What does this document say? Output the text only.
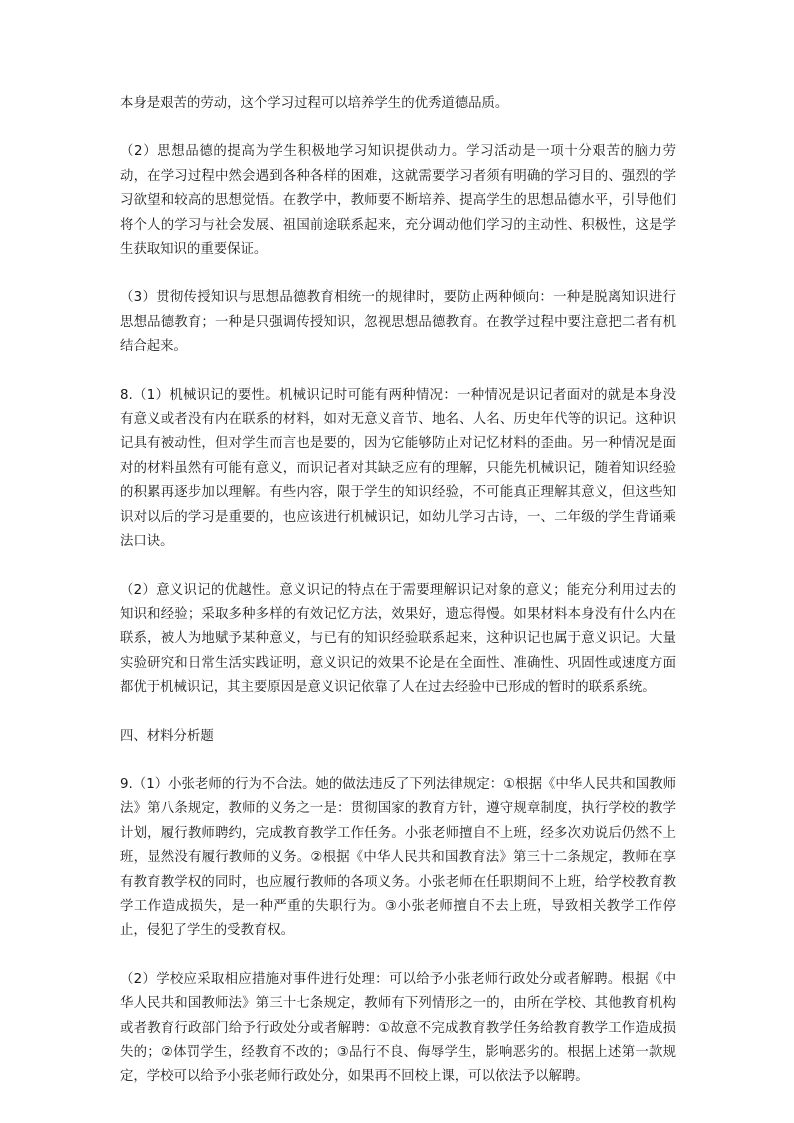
本身是艰苦的劳动，这个学习过程可以培养学生的优秀道德品质。

（2）思想品德的提高为学生积极地学习知识提供动力。学习活动是一项十分艰苦的脑力劳动，在学习过程中然会遇到各种各样的困难，这就需要学习者须有明确的学习目的、强烈的学习欲望和较高的思想觉悟。在教学中，教师要不断培养、提高学生的思想品德水平，引导他们将个人的学习与社会发展、祖国前途联系起来，充分调动他们学习的主动性、积极性，这是学生获取知识的重要保证。

（3）贯彻传授知识与思想品德教育相统一的规律时，要防止两种倾向：一种是脱离知识进行思想品德教育；一种是只强调传授知识，忽视思想品德教育。在教学过程中要注意把二者有机结合起来。

8.（1）机械识记的要性。机械识记时可能有两种情况：一种情况是识记者面对的就是本身没有意义或者没有内在联系的材料，如对无意义音节、地名、人名、历史年代等的识记。这种识记具有被动性，但对学生而言也是要的，因为它能够防止对记忆材料的歪曲。另一种情况是面对的材料虽然有可能有意义，而识记者对其缺乏应有的理解，只能先机械识记，随着知识经验的积累再逐步加以理解。有些内容，限于学生的知识经验，不可能真正理解其意义，但这些知识对以后的学习是重要的，也应该进行机械识记，如幼儿学习古诗，一、二年级的学生背诵乘法口诀。

（2）意义识记的优越性。意义识记的特点在于需要理解识记对象的意义；能充分利用过去的知识和经验；采取多种多样的有效记忆方法，效果好，遗忘得慢。如果材料本身没有什么内在联系，被人为地赋予某种意义，与已有的知识经验联系起来，这种识记也属于意义识记。大量实验研究和日常生活实践证明，意义识记的效果不论是在全面性、准确性、巩固性或速度方面都优于机械识记，其主要原因是意义识记依靠了人在过去经验中已形成的暂时的联系系统。

四、材料分析题

9.（1）小张老师的行为不合法。她的做法违反了下列法律规定：①根据《中华人民共和国教师法》第八条规定，教师的义务之一是：贯彻国家的教育方针，遵守规章制度，执行学校的教学计划，履行教师聘约，完成教育教学工作任务。小张老师擅自不上班，经多次劝说后仍然不上班，显然没有履行教师的义务。②根据《中华人民共和国教育法》第三十二条规定，教师在享有教育教学权的同时，也应履行教师的各项义务。小张老师在任职期间不上班，给学校教育教学工作造成损失，是一种严重的失职行为。③小张老师擅自不去上班，导致相关教学工作停止，侵犯了学生的受教育权。

（2）学校应采取相应措施对事件进行处理：可以给予小张老师行政处分或者解聘。根据《中华人民共和国教师法》第三十七条规定，教师有下列情形之一的，由所在学校、其他教育机构或者教育行政部门给予行政处分或者解聘：①故意不完成教育教学任务给教育教学工作造成损失的；②体罚学生，经教育不改的；③品行不良、侮辱学生，影响恶劣的。根据上述第一款规定，学校可以给予小张老师行政处分，如果再不回校上课，可以依法予以解聘。
